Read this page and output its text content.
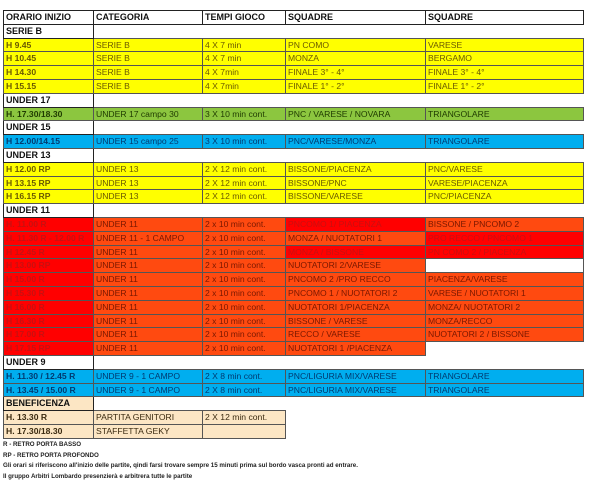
ORARIO INIZIO	CATEGORIA	TEMPI GIOCO	SQUADRE	SQUADRE
SERIE B				
H 9.45	SERIE B	4 X 7 min	PN COMO	VARESE
H 10.45	SERIE B	4 X 7 min	MONZA	BERGAMO
H 14.30	SERIE B	4 X 7min	FINALE 3° - 4°	FINALE 3° - 4°
H 15.15	SERIE B	4 X 7min	FINALE 1° - 2°	FINALE 1° - 2°
UNDER 17				
H. 17.30/18.30	UNDER 17 campo 30	3 X 10 min cont.	PNC / VARESE / NOVARA	TRIANGOLARE
UNDER 15				
H 12.00/14.15	UNDER 15 campo 25	3 X 10 min cont.	PNC/VARESE/MONZA	TRIANGOLARE
UNDER 13				
H 12.00 RP	UNDER 13	2 X 12 min cont.	BISSONE/PIACENZA	PNC/VARESE
H 13.15 RP	UNDER 13	2 X 12 min cont.	BISSONE/PNC	VARESE/PIACENZA
H 16.15 RP	UNDER 13	2 X 12 min cont.	BISSONE/VARESE	PNC/PIACENZA
UNDER 11				
H. 11.00 R	UNDER 11	2 x 10 min cont.	PNCOMO 1/ PIACENZA	BISSONE / PNCOMO 2
H. 11.30 R - 12.00 R	UNDER 11 - 1 CAMPO	2 x 10 min cont.	MONZA / NUOTATORI 1	PRO RECCO / PNCOMO 1
H 12.45 R	UNDER 11	2 x 10 min cont.	MONZA / BISSONE	PN COMO 2 / PIACENZA
H 13.00 RP	UNDER 11	2 x 10 min cont.	NUOTATORI 2/VARESE	
H 15.00 R	UNDER 11	2 x 10 min cont.	PNCOMO 2 /PRO RECCO	PIACENZA/VARESE
H 15.30 R	UNDER 11	2 x 10 min cont.	PNCOMO 1 / NUOTATORI 2	VARESE / NUOTATORI 1
H 16.00 R	UNDER 11	2 x 10 min cont.	NUOTATORI 1/PIACENZA	MONZA/ NUOTATORI 2
H 16.30 R	UNDER 11	2 x 10 min cont.	BISSONE / VARESE	MONZA/RECCO
H 17.00 R	UNDER 11	2 x 10 min cont.	RECCO / VARESE	NUOTATORI 2 / BISSONE
H 17.15 RP	UNDER 11	2 x 10 min cont.	NUOTATORI 1 /PIACENZA	
UNDER 9				
H. 11.30 / 12.45 R	UNDER 9 - 1 CAMPO	2 X 8 min cont.	PNC/LIGURIA MIX/VARESE	TRIANGOLARE
H. 13.45 / 15.00 R	UNDER 9 - 1 CAMPO	2 X 8 min cont.	PNC/LIGURIA MIX/VARESE	TRIANGOLARE
BENEFICENZA				
H. 13.30 R	PARTITA GENITORI	2 X 12 min cont.		
H. 17.30/18.30	STAFFETTA GEKY			
R - RETRO PORTA BASSO
RP - RETRO PORTA PROFONDO
Gli orari si riferiscono all'inizio delle partite, qindi farsi trovare sempre 15 minuti prima sul bordo vasca pronti ad entrare.
Il gruppo Arbitri Lombardo presenzierà e arbitrera tutte le partite
